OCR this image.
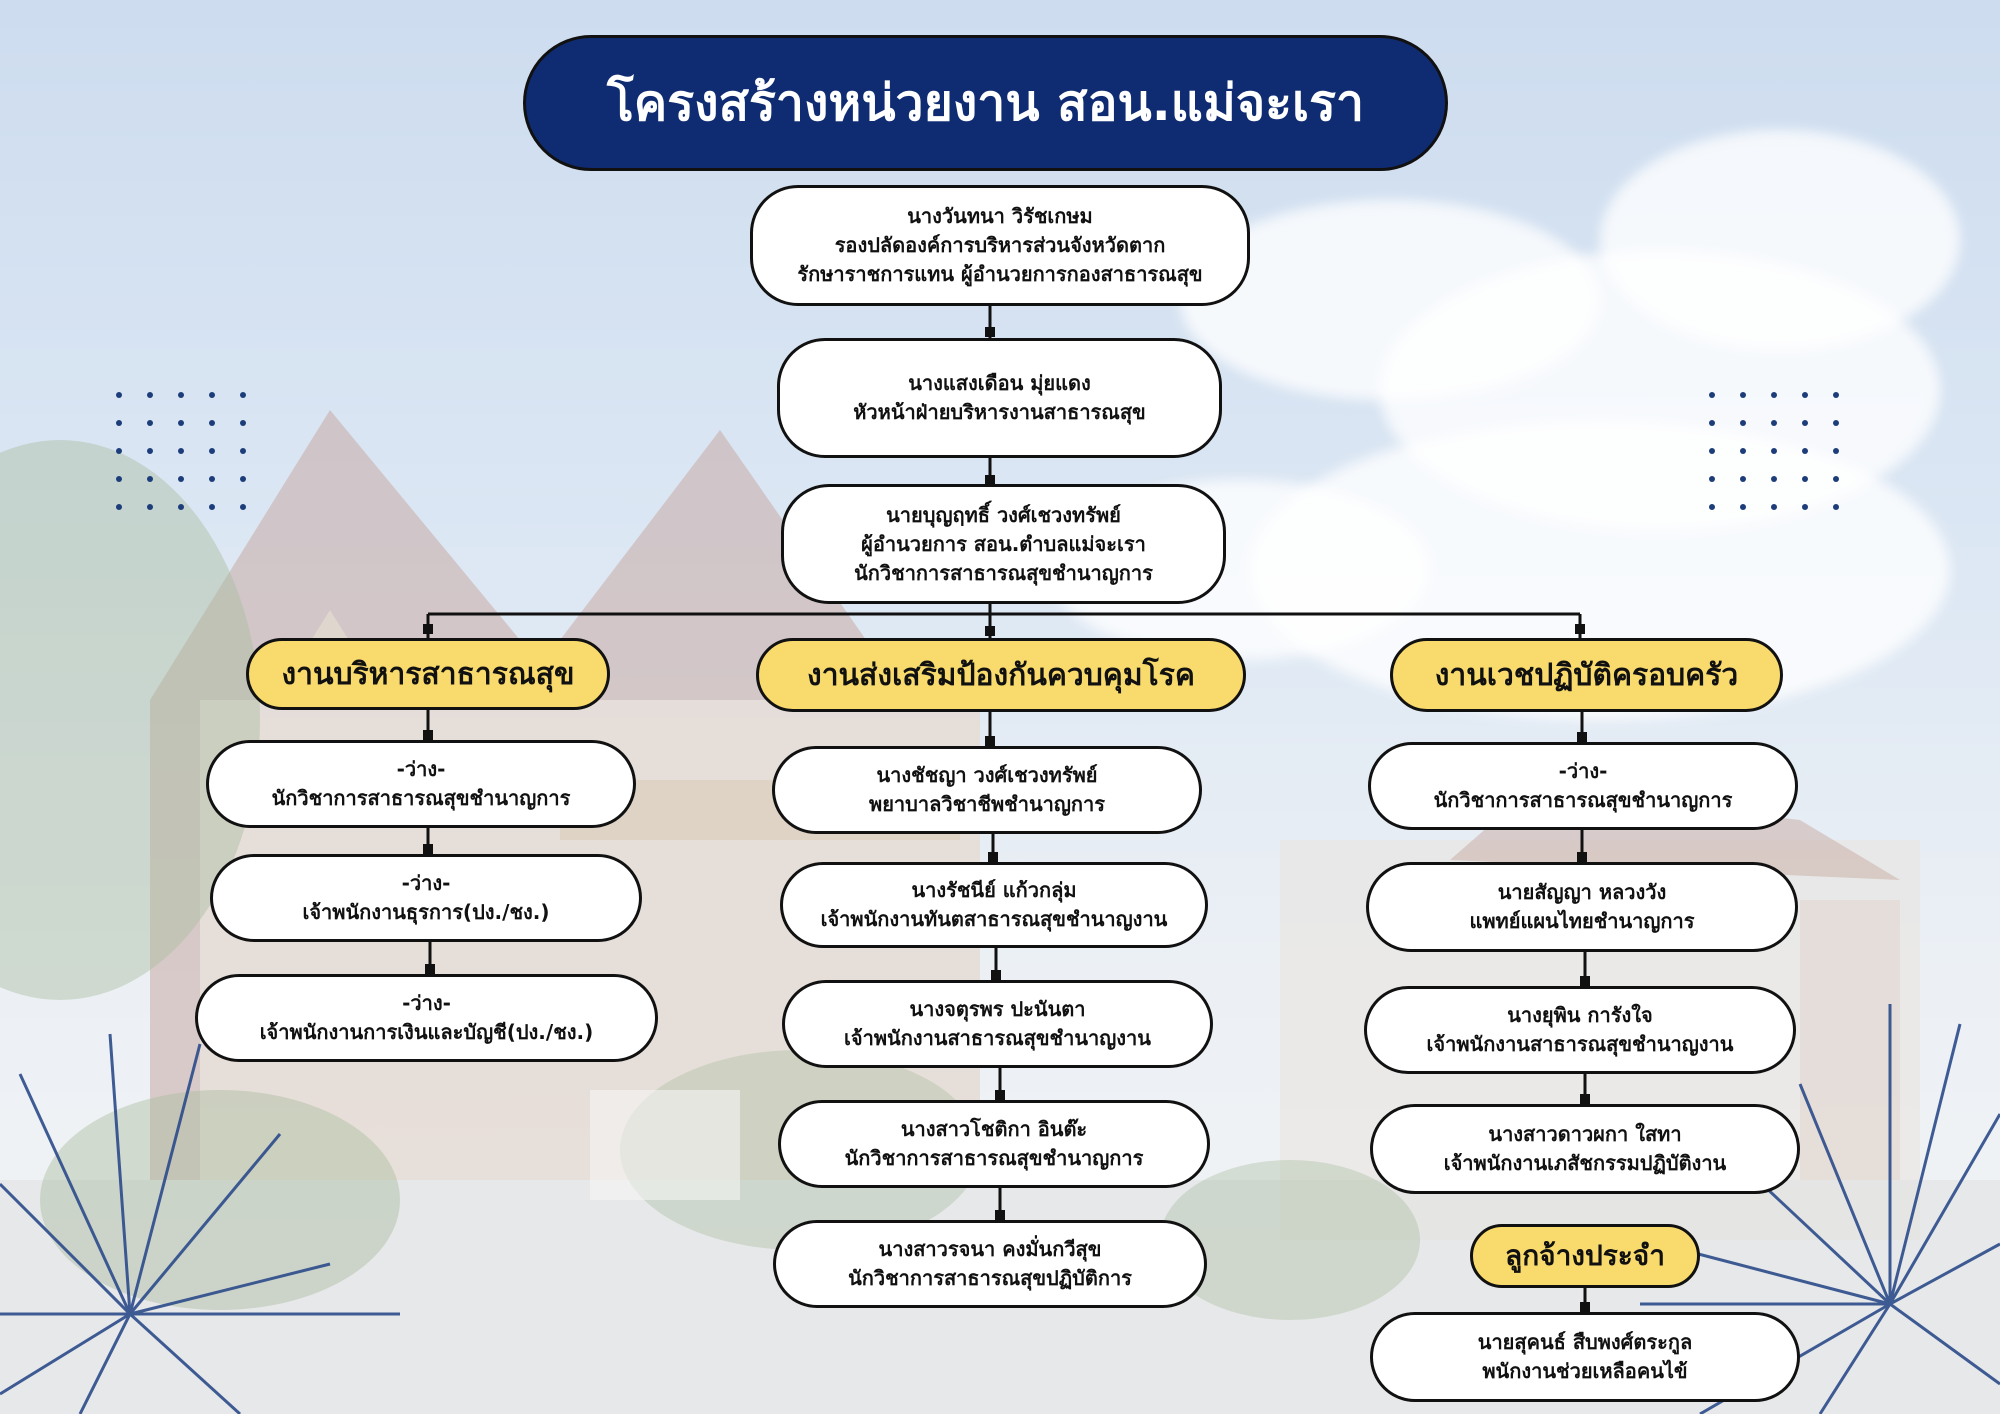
โครงสร้างหน่วยงาน สอน.แม่จะเรา
นางวันทนา วิรัชเกษม
รองปลัดองค์การบริหารส่วนจังหวัดตาก
รักษาราชการแทน ผู้อำนวยการกองสาธารณสุข
นางแสงเดือน มุ่ยแดง
หัวหน้าฝ่ายบริหารงานสาธารณสุข
นายบุญฤทธิ์ วงศ์เชวงทรัพย์
ผู้อำนวยการ สอน.ตำบลแม่จะเรา
นักวิชาการสาธารณสุขชำนาญการ
งานบริหารสาธารณสุข	งานส่งเสริมป้องกันควบคุมโรค	งานเวชปฏิบัติครอบครัว
-ว่าง-
นักวิชาการสาธารณสุขชำนาญการ
-ว่าง-
เจ้าพนักงานธุรการ(ปง./ชง.)
-ว่าง-
เจ้าพนักงานการเงินและบัญชี(ปง./ชง.)
นางชัชญา วงศ์เชวงทรัพย์
พยาบาลวิชาชีพชำนาญการ
นางรัชนีย์ แก้วกลุ่ม
เจ้าพนักงานทันตสาธารณสุขชำนาญงาน
นางจตุรพร ปะนันตา
เจ้าพนักงานสาธารณสุขชำนาญงาน
นางสาวโชติกา อินต๊ะ
นักวิชาการสาธารณสุขชำนาญการ
นางสาวรจนา คงมั่นกวีสุข
นักวิชาการสาธารณสุขปฏิบัติการ
-ว่าง-
นักวิชาการสาธารณสุขชำนาญการ
นายสัญญา หลวงวัง
แพทย์แผนไทยชำนาญการ
นางยุพิน การังใจ
เจ้าพนักงานสาธารณสุขชำนาญงาน
นางสาวดาวผกา ใสทา
เจ้าพนักงานเภสัชกรรมปฏิบัติงาน
ลูกจ้างประจำ
นายสุคนธ์ สืบพงศ์ตระกูล
พนักงานช่วยเหลือคนไข้
